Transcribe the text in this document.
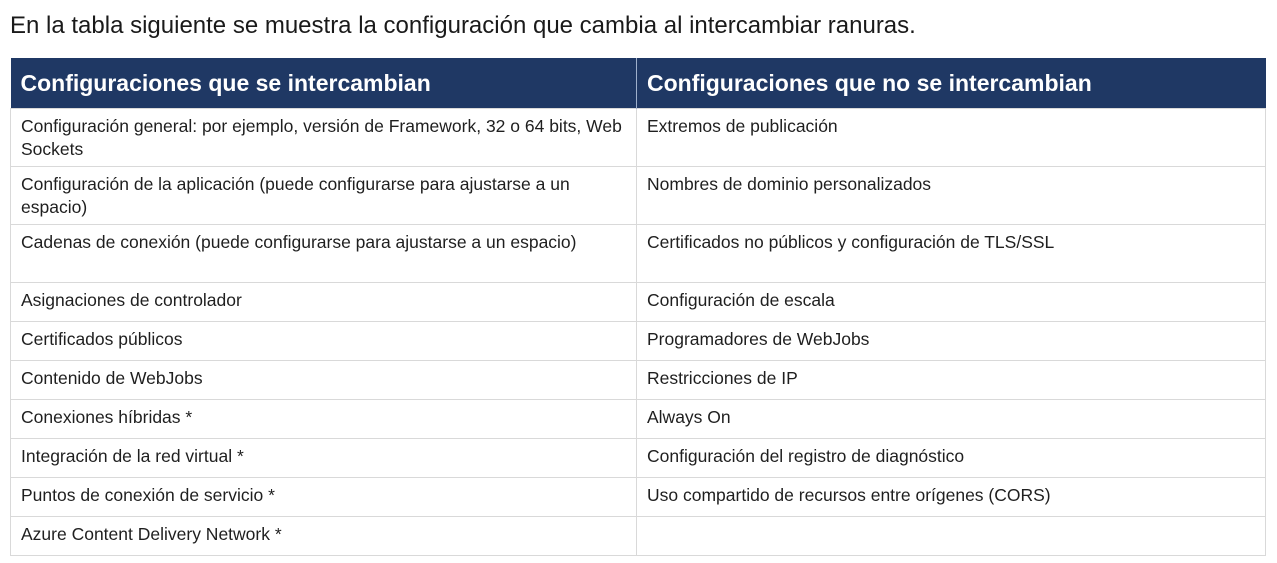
En la tabla siguiente se muestra la configuración que cambia al intercambiar ranuras.
Configuraciones que se intercambian	Configuraciones que no se intercambian
Configuración general: por ejemplo, versión de Framework, 32 o 64 bits, Web Sockets	Extremos de publicación
Configuración de la aplicación (puede configurarse para ajustarse a un espacio)	Nombres de dominio personalizados
Cadenas de conexión (puede configurarse para ajustarse a un espacio)	Certificados no públicos y configuración de TLS/SSL
Asignaciones de controlador	Configuración de escala
Certificados públicos	Programadores de WebJobs
Contenido de WebJobs	Restricciones de IP
Conexiones híbridas *	Always On
Integración de la red virtual *	Configuración del registro de diagnóstico
Puntos de conexión de servicio *	Uso compartido de recursos entre orígenes (CORS)
Azure Content Delivery Network *	
